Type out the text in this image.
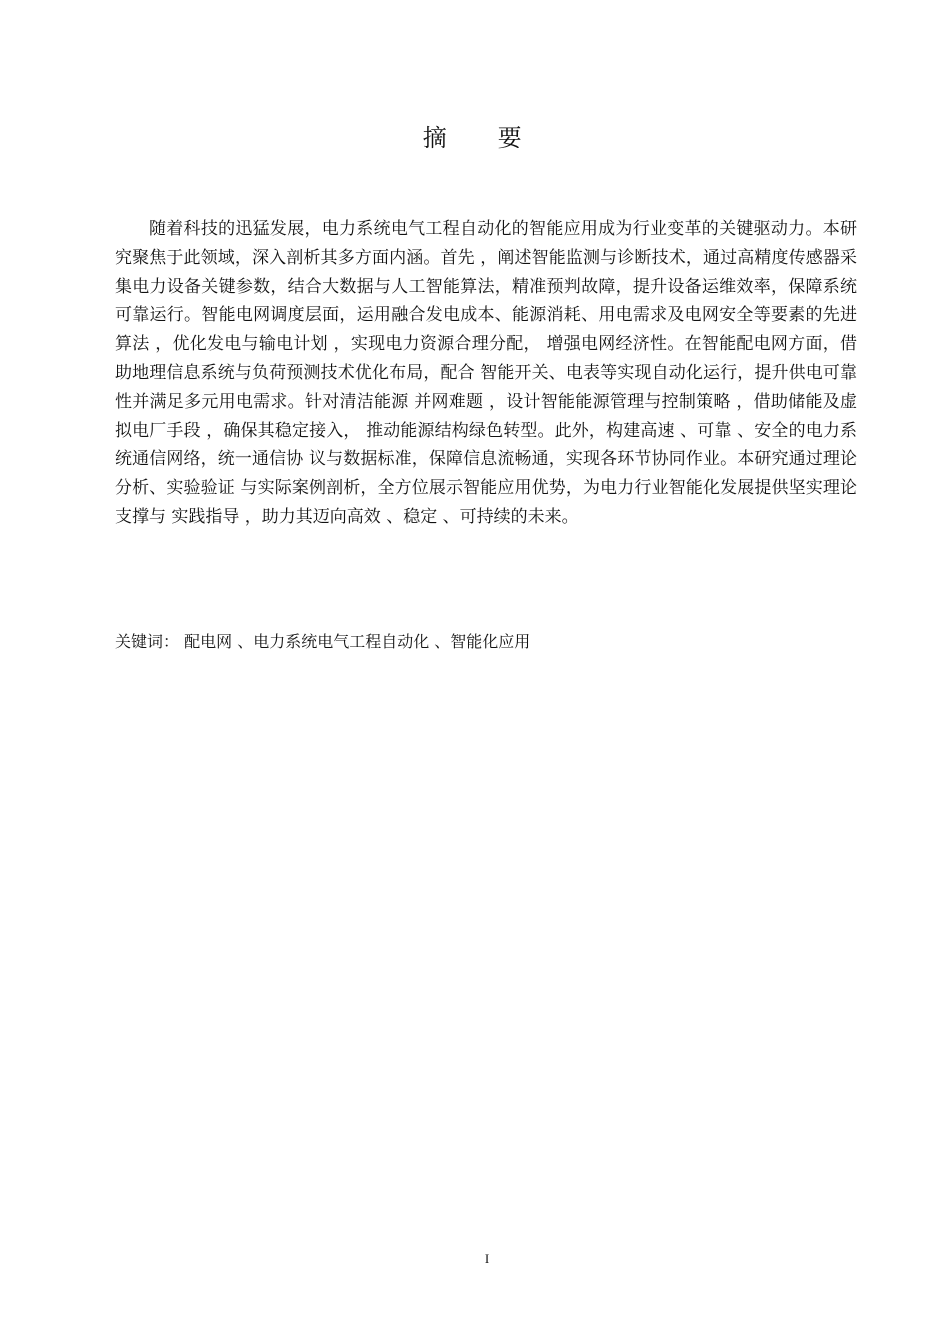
摘 要

随着科技的迅猛发展，电力系统电气工程自动化的智能应用成为行业变革的关键驱动力。本研究聚焦于此领域，深入剖析其多方面内涵。首先 ，阐述智能监测与诊断技术，通过高精度传感器采集电力设备关键参数，结合大数据与人工智能算法，精准预判故障，提升设备运维效率，保障系统可靠运行。智能电网调度层面，运用融合发电成本、能源消耗、用电需求及电网安全等要素的先进算法 ，优化发电与输电计划 ，实现电力资源合理分配， 增强电网经济性。在智能配电网方面，借助地理信息系统与负荷预测技术优化布局，配合 智能开关、电表等实现自动化运行，提升供电可靠性并满足多元用电需求。针对清洁能源 并网难题 ，设计智能能源管理与控制策略 ，借助储能及虚拟电厂手段 ，确保其稳定接入， 推动能源结构绿色转型。此外，构建高速 、可靠 、安全的电力系统通信网络，统一通信协 议与数据标准，保障信息流畅通，实现各环节协同作业。本研究通过理论分析、实验验证 与实际案例剖析，全方位展示智能应用优势，为电力行业智能化发展提供坚实理论支撑与 实践指导 ，助力其迈向高效 、稳定 、可持续的未来。

关键词： 配电网 、电力系统电气工程自动化 、智能化应用
I
